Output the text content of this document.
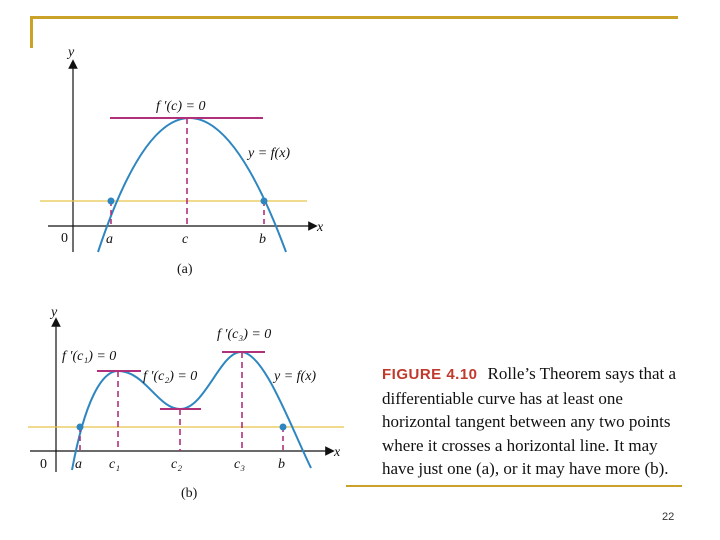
y
x
0
f ′(c) = 0
y = f(x)
a	c	b
(a)
y
x
0
f ′(c₁) = 0
f ′(c₂) = 0
f ′(c₃) = 0
y = f(x)
a c₁	c₂	c₃ b
(b)
FIGURE 4.10 Rolle’s Theorem says that a differentiable curve has at least one horizontal tangent between any two points where it crosses a horizontal line. It may have just one (a), or it may have more (b).
22
